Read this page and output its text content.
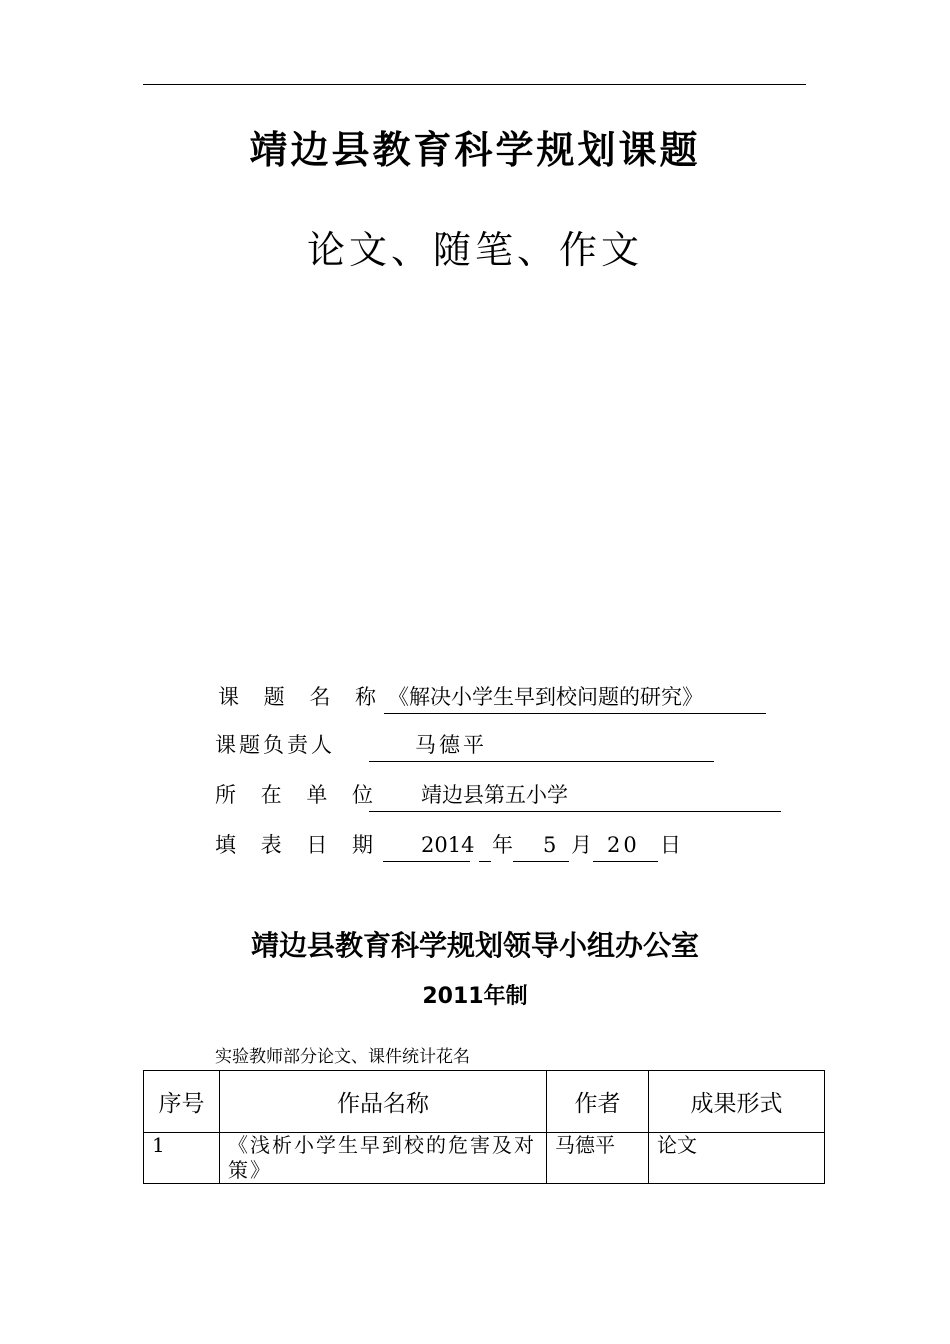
靖边县教育科学规划课题
论文、随笔、作文
课 题 名 称 《解决小学生早到校问题的研究》
课题负责人	马德平
所 在 单 位 靖边县第五小学
填 表 日 期 2014 年 5 月 20 日
靖边县教育科学规划领导小组办公室
2011年制
实验教师部分论文、课件统计花名
序号	作品名称	作者	成果形式
1	《浅析小学生早到校的危害及对策》	马德平	论文
